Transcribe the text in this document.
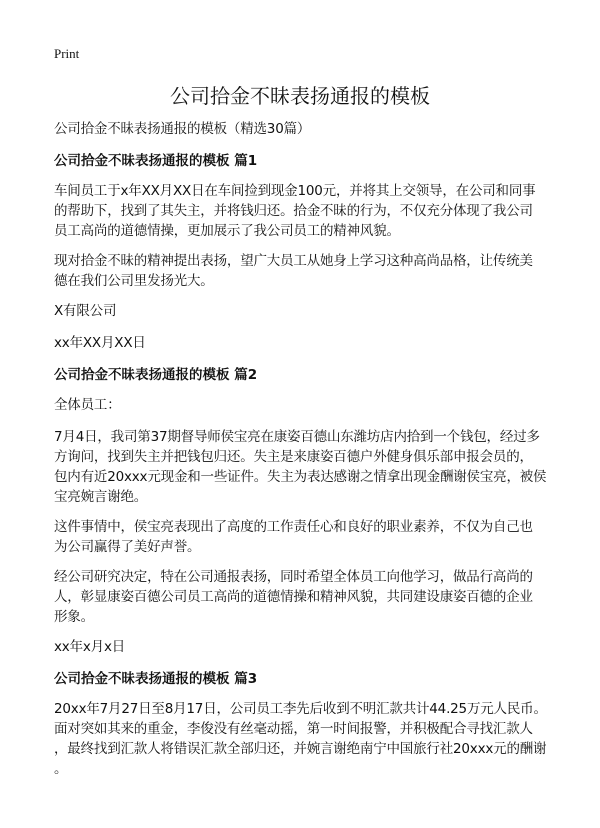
Print
公司拾金不昧表扬通报的模板

公司拾金不昧表扬通报的模板（精选30篇）

公司拾金不昧表扬通报的模板 篇1

车间员工于x年XX月XX日在车间捡到现金100元，并将其上交领导，在公司和同事
的帮助下，找到了其失主，并将钱归还。拾金不昧的行为，不仅充分体现了我公司
员工高尚的道德情操，更加展示了我公司员工的精神风貌。

现对拾金不昧的精神提出表扬，望广大员工从她身上学习这种高尚品格，让传统美
德在我们公司里发扬光大。

X有限公司

xx年XX月XX日

公司拾金不昧表扬通报的模板 篇2

全体员工：

7月4日，我司第37期督导师侯宝亮在康姿百德山东潍坊店内拾到一个钱包，经过多
方询问，找到失主并把钱包归还。失主是来康姿百德户外健身俱乐部申报会员的，
包内有近20xxx元现金和一些证件。失主为表达感谢之情拿出现金酬谢侯宝亮，被侯
宝亮婉言谢绝。

这件事情中，侯宝亮表现出了高度的工作责任心和良好的职业素养，不仅为自己也
为公司赢得了美好声誉。

经公司研究决定，特在公司通报表扬，同时希望全体员工向他学习，做品行高尚的
人，彰显康姿百德公司员工高尚的道德情操和精神风貌，共同建设康姿百德的企业
形象。

xx年x月x日

公司拾金不昧表扬通报的模板 篇3

20xx年7月27日至8月17日，公司员工李先后收到不明汇款共计44.25万元人民币。
面对突如其来的重金，李俊没有丝毫动摇，第一时间报警，并积极配合寻找汇款人
，最终找到汇款人将错误汇款全部归还，并婉言谢绝南宁中国旅行社20xxx元的酬谢
。
